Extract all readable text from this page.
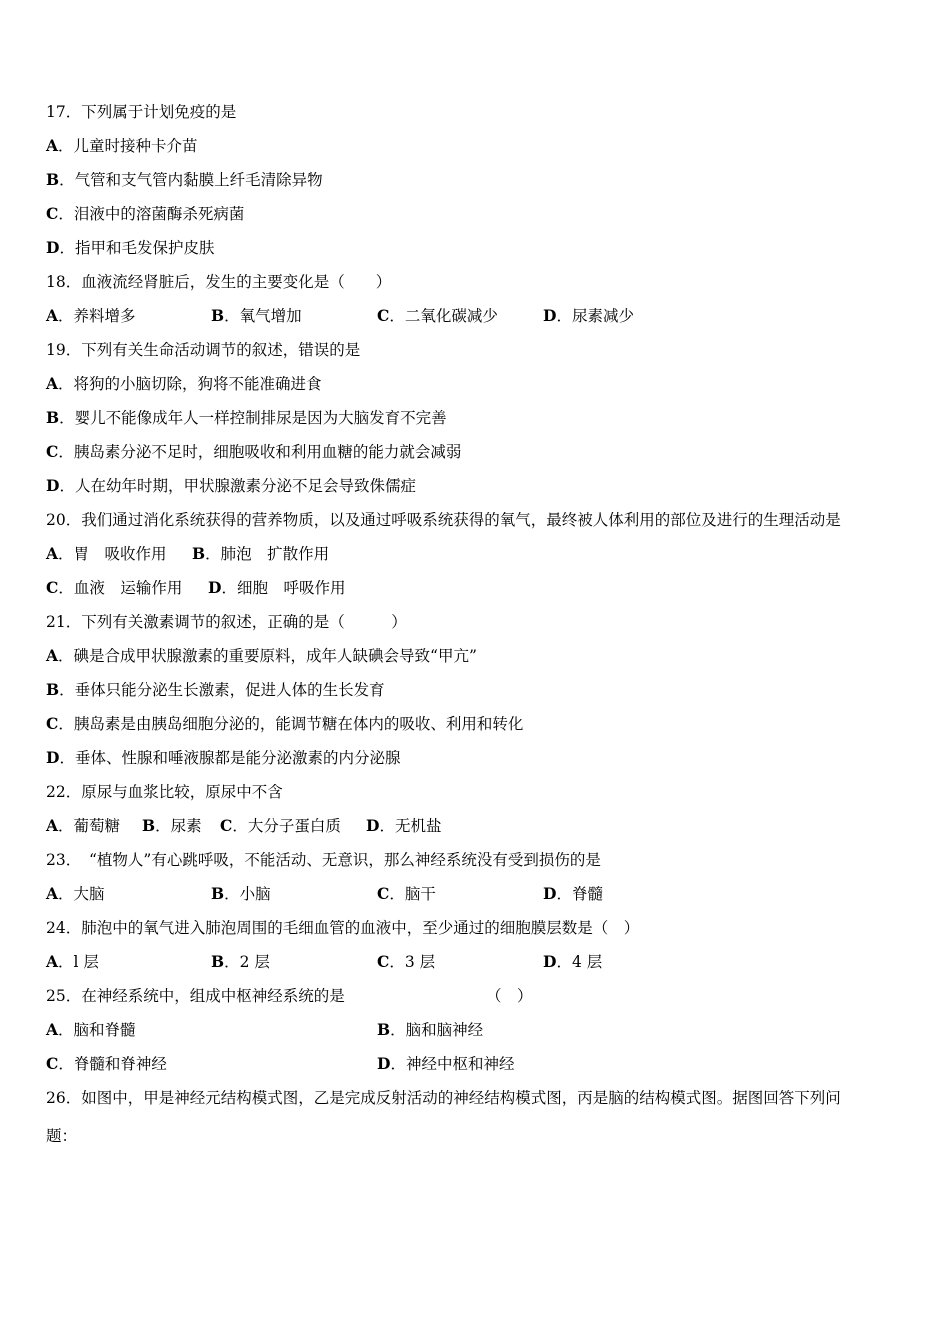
17．下列属于计划免疫的是
A．儿童时接种卡介苗
B．气管和支气管内黏膜上纤毛清除异物
C．泪液中的溶菌酶杀死病菌
D．指甲和毛发保护皮肤
18．血液流经肾脏后，发生的主要变化是（　　）
A．养料增多	B．氧气增加	C．二氧化碳减少	D．尿素减少
19．下列有关生命活动调节的叙述，错误的是
A．将狗的小脑切除，狗将不能准确进食
B．婴儿不能像成年人一样控制排尿是因为大脑发育不完善
C．胰岛素分泌不足时，细胞吸收和利用血糖的能力就会减弱
D．人在幼年时期，甲状腺激素分泌不足会导致侏儒症
20．我们通过消化系统获得的营养物质，以及通过呼吸系统获得的氧气，最终被人体利用的部位及进行的生理活动是
A．胃　吸收作用 B．肺泡　扩散作用
C．血液　运输作用 D．细胞　呼吸作用
21．下列有关激素调节的叙述，正确的是（　　　）
A．碘是合成甲状腺激素的重要原料，成年人缺碘会导致“甲亢”
B．垂体只能分泌生长激素，促进人体的生长发育
C．胰岛素是由胰岛细胞分泌的，能调节糖在体内的吸收、利用和转化
D．垂体、性腺和唾液腺都是能分泌激素的内分泌腺
22．原尿与血浆比较，原尿中不含
A．葡萄糖 B．尿素 C．大分子蛋白质 D．无机盐
23．　“植物人”有心跳呼吸，不能活动、无意识，那么神经系统没有受到损伤的是
A．大脑	B．小脑	C．脑干	D．脊髓
24．肺泡中的氧气进入肺泡周围的毛细血管的血液中，至少通过的细胞膜层数是（　）
A．l 层	B．2 层	C．3 层	D．4 层
25．在神经系统中，组成中枢神经系统的是	（　）
A．脑和脊髓	B．脑和脑神经
C．脊髓和脊神经	D．神经中枢和神经
26．如图中，甲是神经元结构模式图，乙是完成反射活动的神经结构模式图，丙是脑的结构模式图。据图回答下列问
题：
